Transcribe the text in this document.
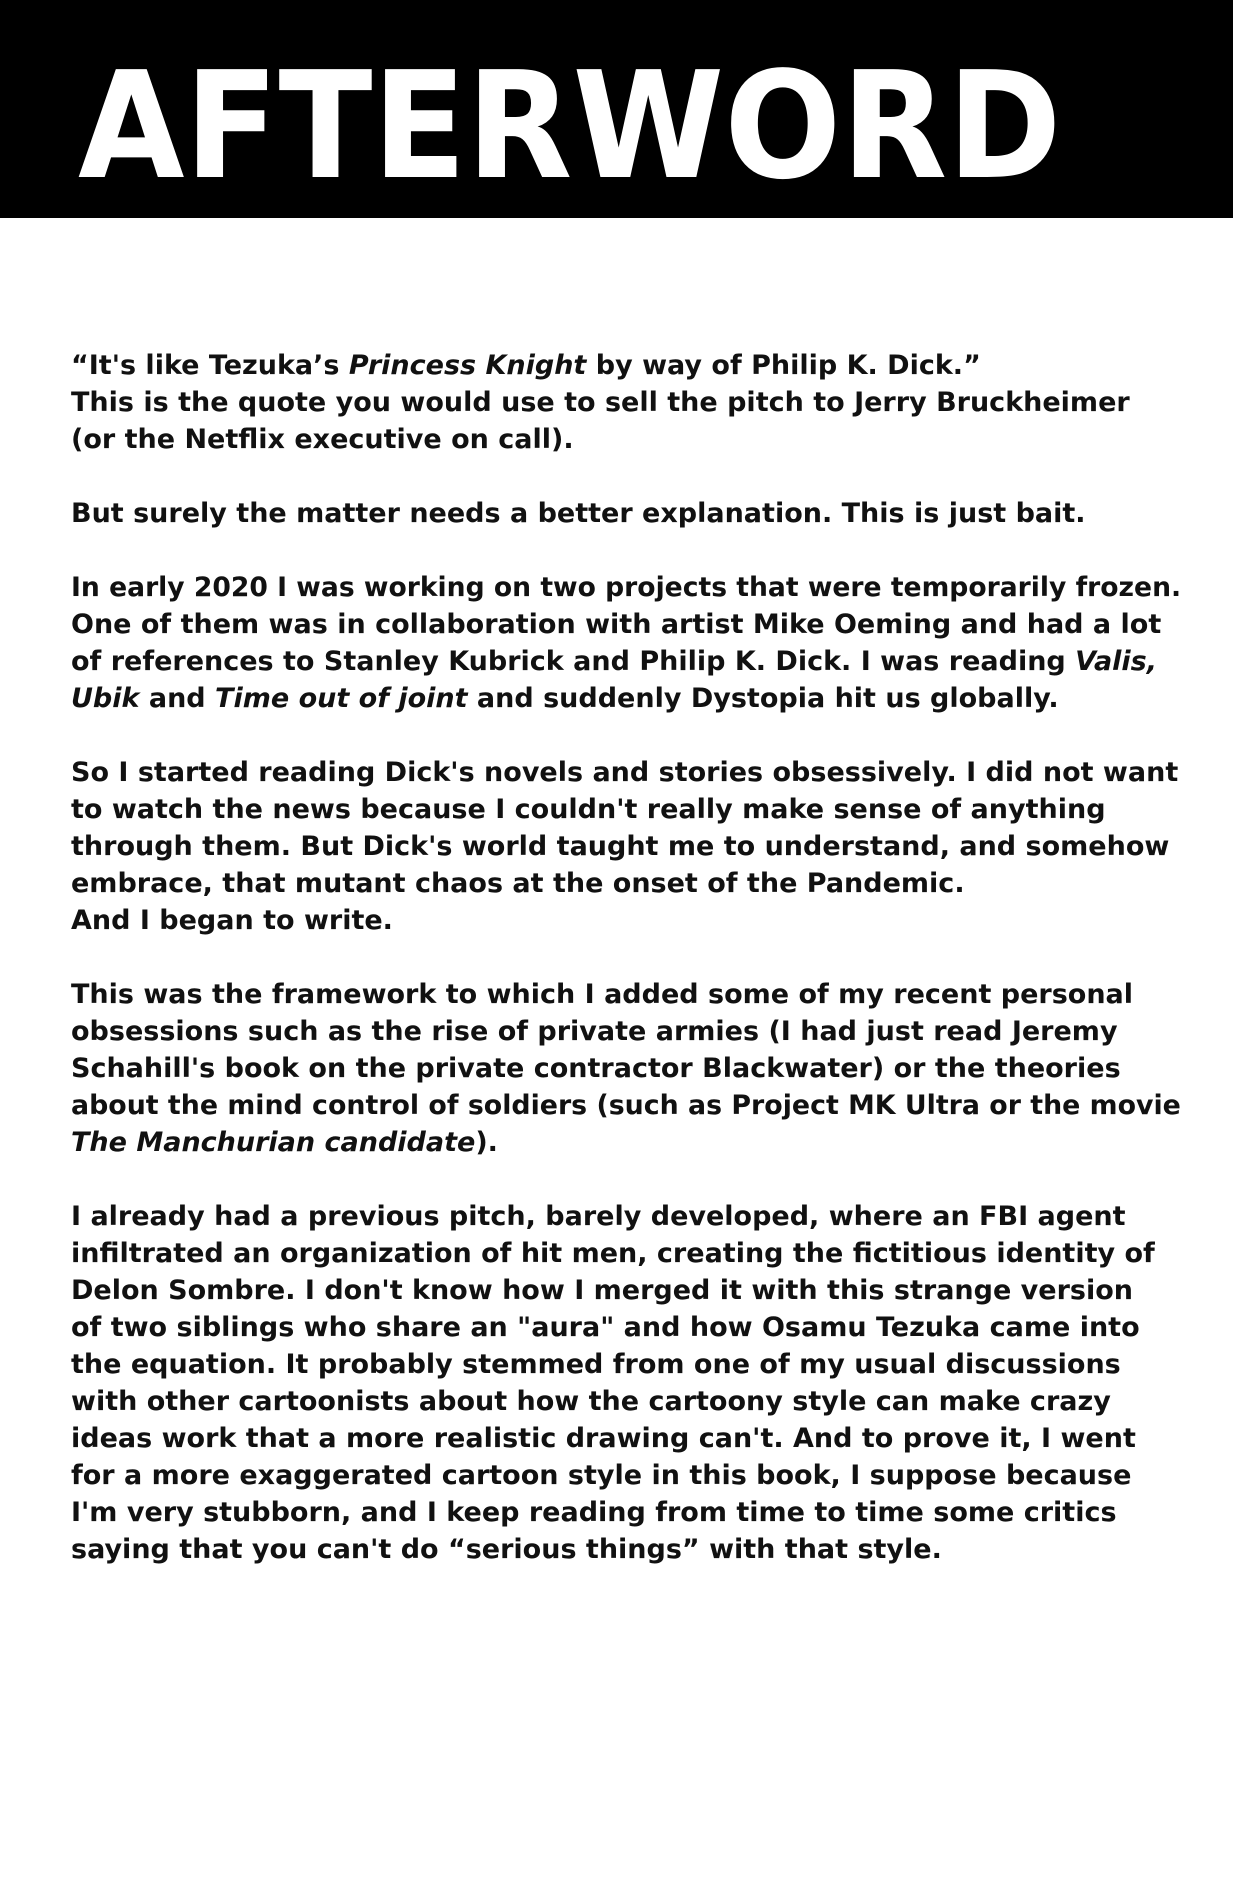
AFTERWORD

“It's like Tezuka’s Princess Knight by way of Philip K. Dick.”
This is the quote you would use to sell the pitch to Jerry Bruckheimer
(or the Netflix executive on call).

But surely the matter needs a better explanation. This is just bait.

In early 2020 I was working on two projects that were temporarily frozen.
One of them was in collaboration with artist Mike Oeming and had a lot
of references to Stanley Kubrick and Philip K. Dick. I was reading Valis,
Ubik and Time out of joint and suddenly Dystopia hit us globally.

So I started reading Dick's novels and stories obsessively. I did not want
to watch the news because I couldn't really make sense of anything
through them. But Dick's world taught me to understand, and somehow
embrace, that mutant chaos at the onset of the Pandemic.
And I began to write.

This was the framework to which I added some of my recent personal
obsessions such as the rise of private armies (I had just read Jeremy
Schahill's book on the private contractor Blackwater) or the theories
about the mind control of soldiers (such as Project MK Ultra or the movie
The Manchurian candidate).

I already had a previous pitch, barely developed, where an FBI agent
infiltrated an organization of hit men, creating the fictitious identity of
Delon Sombre. I don't know how I merged it with this strange version
of two siblings who share an "aura" and how Osamu Tezuka came into
the equation. It probably stemmed from one of my usual discussions
with other cartoonists about how the cartoony style can make crazy
ideas work that a more realistic drawing can't. And to prove it, I went
for a more exaggerated cartoon style in this book, I suppose because
I'm very stubborn, and I keep reading from time to time some critics
saying that you can't do “serious things” with that style.
